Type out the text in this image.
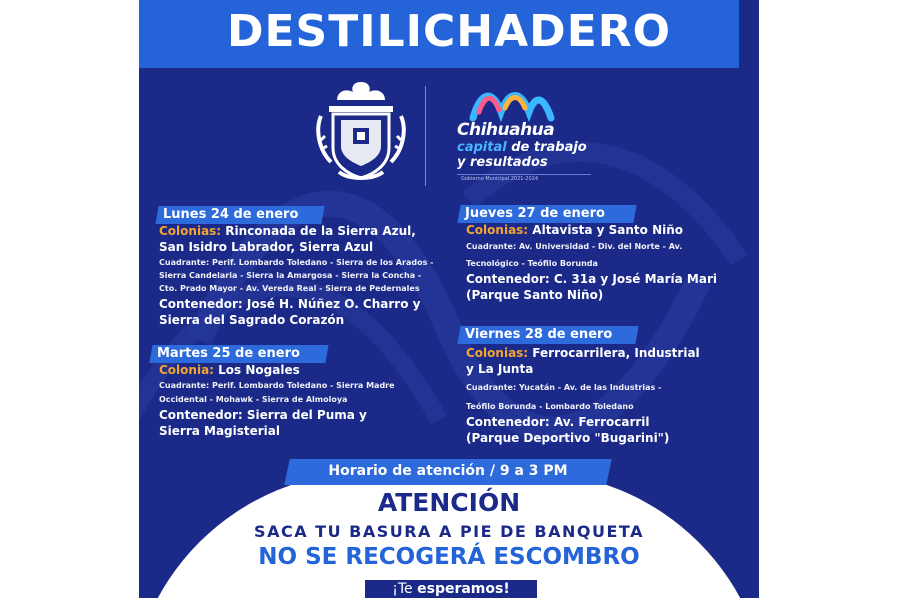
DESTILICHADERO
Chihuahua
capital de trabajo
y resultados
Gobierno Municipal 2021-2024
Lunes 24 de enero
Colonias: Rinconada de la Sierra Azul,
San Isidro Labrador, Sierra Azul
Cuadrante: Perif. Lombardo Toledano - Sierra de los Arados -
Sierra Candelaria - Sierra la Amargosa - Sierra la Concha -
Cto. Prado Mayor - Av. Vereda Real - Sierra de Pedernales
Contenedor: José H. Núñez O. Charro y
Sierra del Sagrado Corazón
Martes 25 de enero
Colonia: Los Nogales
Cuadrante: Perif. Lombardo Toledano - Sierra Madre
Occidental - Mohawk - Sierra de Almoloya
Contenedor: Sierra del Puma y
Sierra Magisterial
Jueves 27 de enero
Colonias: Altavista y Santo Niño
Cuadrante: Av. Universidad - Div. del Norte - Av.
Tecnológico - Teófilo Borunda
Contenedor: C. 31a y José María Mari
(Parque Santo Niño)
Viernes 28 de enero
Colonias: Ferrocarrilera, Industrial
y La Junta
Cuadrante: Yucatán - Av. de las Industrias -
Teófilo Borunda - Lombardo Toledano
Contenedor: Av. Ferrocarril
(Parque Deportivo "Bugarini")
Horario de atención / 9 a 3 PM
ATENCIÓN
SACA TU BASURA A PIE DE BANQUETA
NO SE RECOGERÁ ESCOMBRO
¡Te esperamos!
